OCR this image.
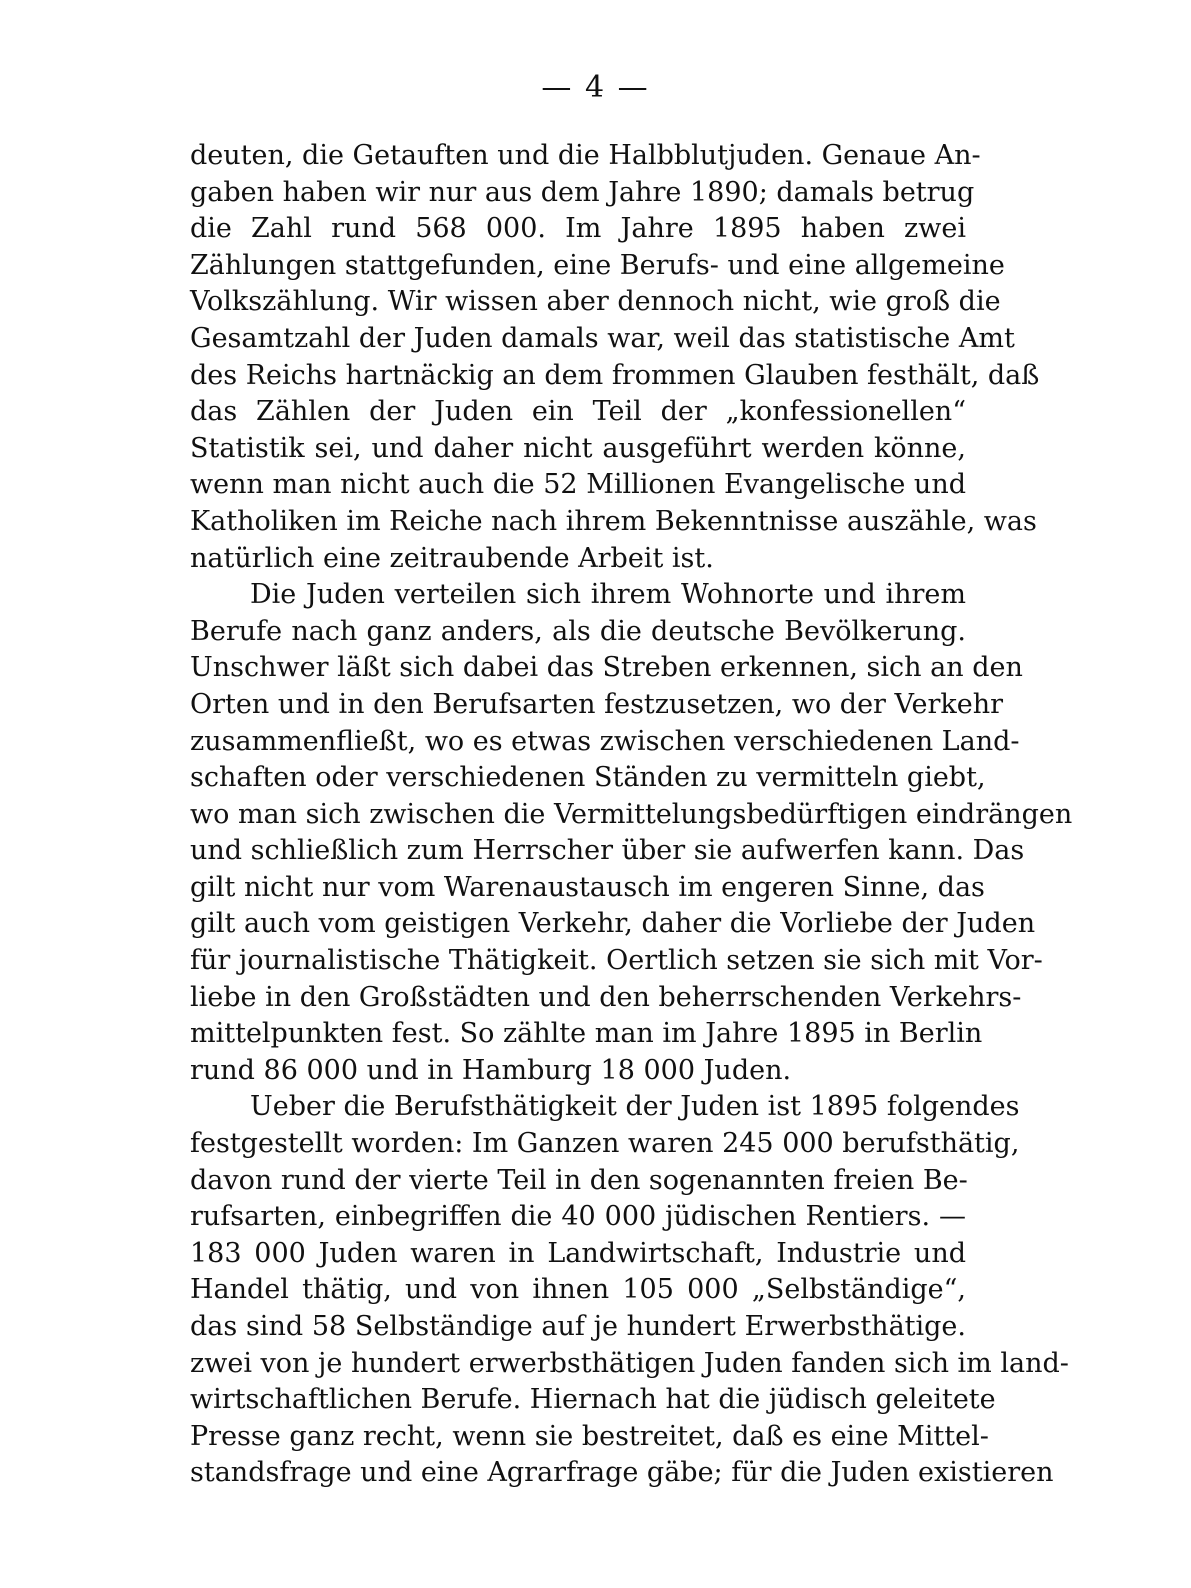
— 4 —
deuten, die Getauften und die Halbblutjuden. Genaue An-
gaben haben wir nur aus dem Jahre 1890; damals betrug
die Zahl rund 568 000. Im Jahre 1895 haben zwei
Zählungen stattgefunden, eine Berufs- und eine allgemeine
Volkszählung. Wir wissen aber dennoch nicht, wie groß die
Gesamtzahl der Juden damals war, weil das statistische Amt
des Reichs hartnäckig an dem frommen Glauben festhält, daß
das Zählen der Juden ein Teil der „konfessionellen“
Statistik sei, und daher nicht ausgeführt werden könne,
wenn man nicht auch die 52 Millionen Evangelische und
Katholiken im Reiche nach ihrem Bekenntnisse auszähle, was
natürlich eine zeitraubende Arbeit ist.
Die Juden verteilen sich ihrem Wohnorte und ihrem
Berufe nach ganz anders, als die deutsche Bevölkerung.
Unschwer läßt sich dabei das Streben erkennen, sich an den
Orten und in den Berufsarten festzusetzen, wo der Verkehr
zusammenfließt, wo es etwas zwischen verschiedenen Land-
schaften oder verschiedenen Ständen zu vermitteln giebt,
wo man sich zwischen die Vermittelungsbedürftigen eindrängen
und schließlich zum Herrscher über sie aufwerfen kann. Das
gilt nicht nur vom Warenaustausch im engeren Sinne, das
gilt auch vom geistigen Verkehr, daher die Vorliebe der Juden
für journalistische Thätigkeit. Oertlich setzen sie sich mit Vor-
liebe in den Großstädten und den beherrschenden Verkehrs-
mittelpunkten fest. So zählte man im Jahre 1895 in Berlin
rund 86 000 und in Hamburg 18 000 Juden.
Ueber die Berufsthätigkeit der Juden ist 1895 folgendes
festgestellt worden: Im Ganzen waren 245 000 berufsthätig,
davon rund der vierte Teil in den sogenannten freien Be-
rufsarten, einbegriffen die 40 000 jüdischen Rentiers. —
183 000 Juden waren in Landwirtschaft, Industrie und
Handel thätig, und von ihnen 105 000 „Selbständige“,
das sind 58 Selbständige auf je hundert Erwerbsthätige.
zwei von je hundert erwerbsthätigen Juden fanden sich im land-
wirtschaftlichen Berufe. Hiernach hat die jüdisch geleitete
Presse ganz recht, wenn sie bestreitet, daß es eine Mittel-
standsfrage und eine Agrarfrage gäbe; für die Juden existieren
